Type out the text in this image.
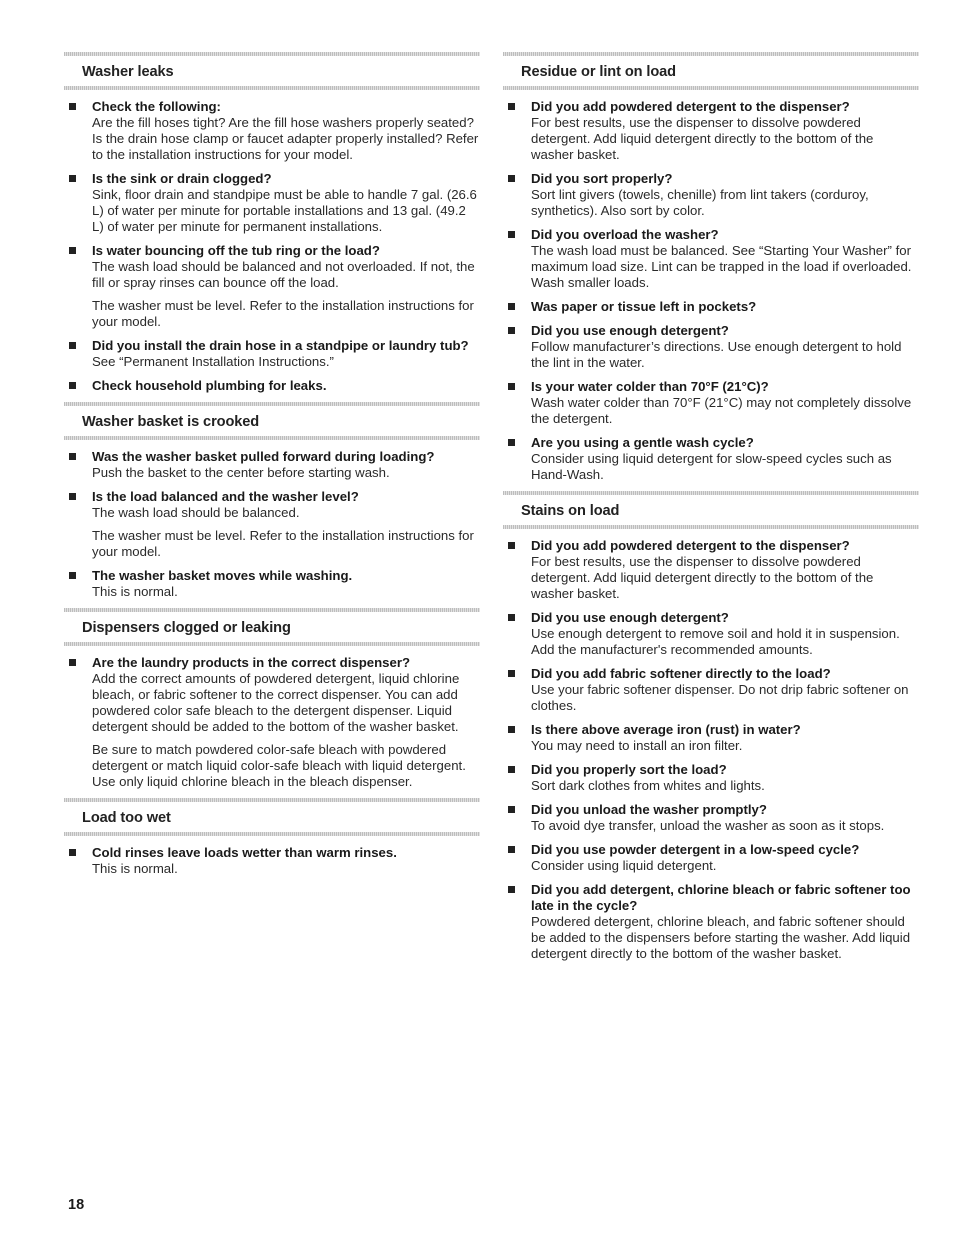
Washer leaks
Check the following:

Are the fill hoses tight? Are the fill hose washers properly seated? Is the drain hose clamp or faucet adapter properly installed? Refer to the installation instructions for your model.

Is the sink or drain clogged?

Sink, floor drain and standpipe must be able to handle 7 gal. (26.6 L) of water per minute for portable installations and 13 gal. (49.2 L) of water per minute for permanent installations.

Is water bouncing off the tub ring or the load?

The wash load should be balanced and not overloaded. If not, the fill or spray rinses can bounce off the load.

The washer must be level. Refer to the installation instructions for your model.

Did you install the drain hose in a standpipe or laundry tub?

See “Permanent Installation Instructions.”

Check household plumbing for leaks.
Washer basket is crooked
Was the washer basket pulled forward during loading?

Push the basket to the center before starting wash.

Is the load balanced and the washer level?

The wash load should be balanced.

The washer must be level. Refer to the installation instructions for your model.

The washer basket moves while washing.

This is normal.

Dispensers clogged or leaking
Are the laundry products in the correct dispenser?

Add the correct amounts of powdered detergent, liquid chlorine bleach, or fabric softener to the correct dispenser. You can add powdered color safe bleach to the detergent dispenser. Liquid detergent should be added to the bottom of the washer basket.

Be sure to match powdered color-safe bleach with powdered detergent or match liquid color-safe bleach with liquid detergent. Use only liquid chlorine bleach in the bleach dispenser.

Load too wet
Cold rinses leave loads wetter than warm rinses.

This is normal.

Residue or lint on load
Did you add powdered detergent to the dispenser?

For best results, use the dispenser to dissolve powdered detergent. Add liquid detergent directly to the bottom of the washer basket.

Did you sort properly?

Sort lint givers (towels, chenille) from lint takers (corduroy, synthetics). Also sort by color.

Did you overload the washer?

The wash load must be balanced. See “Starting Your Washer” for maximum load size. Lint can be trapped in the load if overloaded. Wash smaller loads.

Was paper or tissue left in pockets?
Did you use enough detergent?

Follow manufacturer’s directions. Use enough detergent to hold the lint in the water.

Is your water colder than 70°F (21°C)?

Wash water colder than 70°F (21°C) may not completely dissolve the detergent.

Are you using a gentle wash cycle?

Consider using liquid detergent for slow-speed cycles such as Hand-Wash.

Stains on load
Did you add powdered detergent to the dispenser?

For best results, use the dispenser to dissolve powdered detergent. Add liquid detergent directly to the bottom of the washer basket.

Did you use enough detergent?

Use enough detergent to remove soil and hold it in suspension. Add the manufacturer's recommended amounts.

Did you add fabric softener directly to the load?

Use your fabric softener dispenser. Do not drip fabric softener on clothes.

Is there above average iron (rust) in water?

You may need to install an iron filter.

Did you properly sort the load?

Sort dark clothes from whites and lights.

Did you unload the washer promptly?

To avoid dye transfer, unload the washer as soon as it stops.

Did you use powder detergent in a low-speed cycle?

Consider using liquid detergent.

Did you add detergent, chlorine bleach or fabric softener too late in the cycle?

Powdered detergent, chlorine bleach, and fabric softener should be added to the dispensers before starting the washer. Add liquid detergent directly to the bottom of the washer basket.

18
